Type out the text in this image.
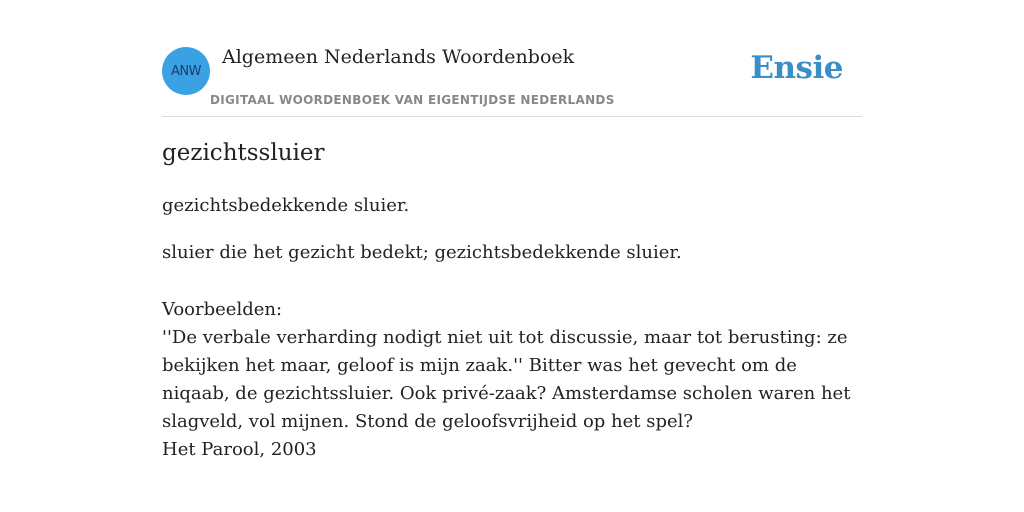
ANW
Algemeen Nederlands Woordenboek
DIGITAAL WOORDENBOEK VAN EIGENTIJDSE NEDERLANDS
Ensie
gezichtssluier
gezichtsbedekkende sluier.
sluier die het gezicht bedekt; gezichtsbedekkende sluier.
Voorbeelden:
''De verbale verharding nodigt niet uit tot discussie, maar tot berusting: ze bekijken het maar, geloof is mijn zaak.'' Bitter was het gevecht om de niqaab, de gezichtssluier. Ook privé-zaak? Amsterdamse scholen waren het slagveld, vol mijnen. Stond de geloofsvrijheid op het spel?
Het Parool, 2003
